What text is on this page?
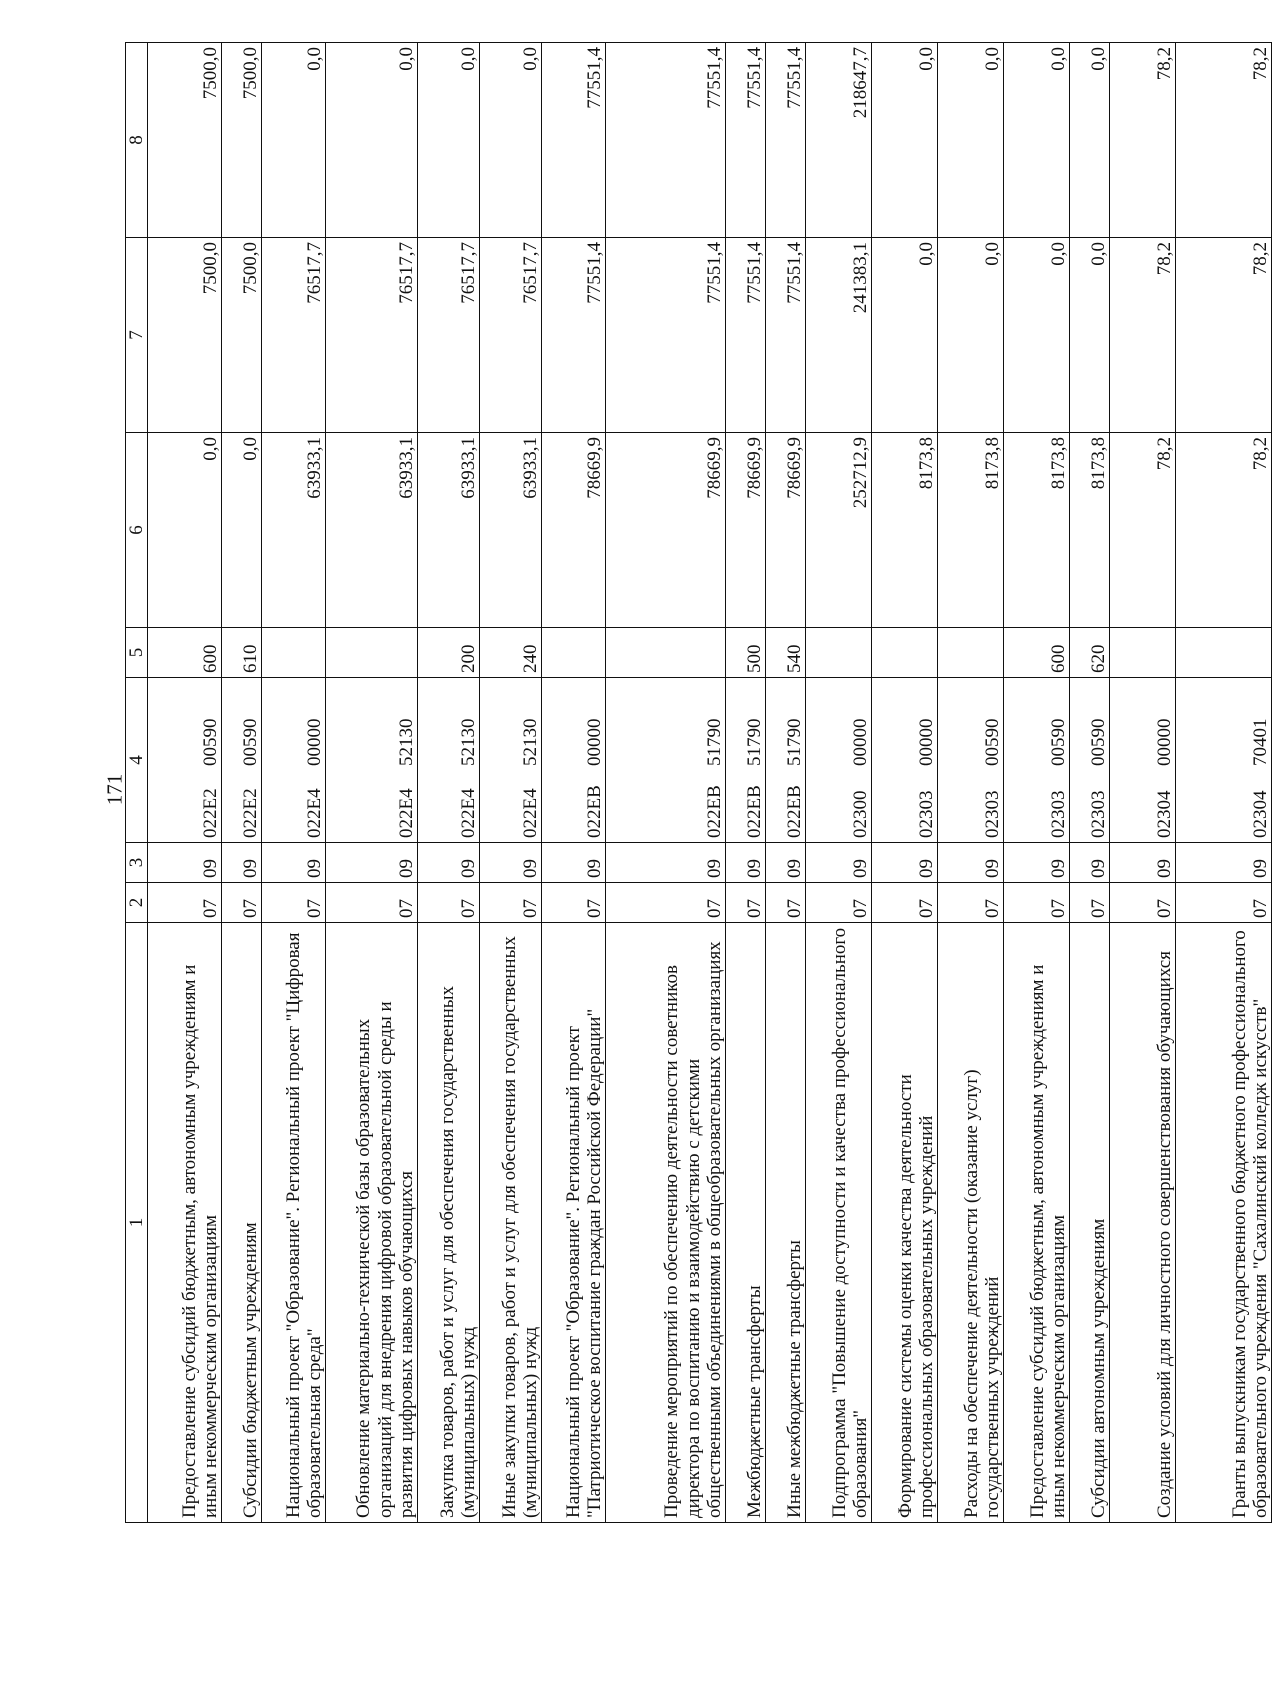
171
1	2	3	4	5	6	7	8
Предоставление субсидий бюджетным, автономным учреждениям и иным некоммерческим организациям	07	09	022Е200590	600	0,0	7500,0	7500,0
Субсидии бюджетным учреждениям	07	09	022Е200590	610	0,0	7500,0	7500,0
Национальный проект "Образование". Региональный проект "Цифровая образовательная среда"	07	09	022Е400000		63933,1	76517,7	0,0
Обновление материально-технической базы образовательных организаций для внедрения цифровой образовательной среды и развития цифровых навыков обучающихся	07	09	022Е452130		63933,1	76517,7	0,0
Закупка товаров, работ и услуг для обеспечения государственных (муниципальных) нужд	07	09	022Е452130	200	63933,1	76517,7	0,0
Иные закупки товаров, работ и услуг для обеспечения государственных (муниципальных) нужд	07	09	022Е452130	240	63933,1	76517,7	0,0
Национальный проект "Образование". Региональный проект "Патриотическое воспитание граждан Российской Федерации"	07	09	022ЕВ00000		78669,9	77551,4	77551,4
Проведение мероприятий по обеспечению деятельности советников директора по воспитанию и взаимодействию с детскими общественными объединениями в общеобразовательных организациях	07	09	022ЕВ51790		78669,9	77551,4	77551,4
Межбюджетные трансферты	07	09	022ЕВ51790	500	78669,9	77551,4	77551,4
Иные межбюджетные трансферты	07	09	022ЕВ51790	540	78669,9	77551,4	77551,4
Подпрограмма "Повышение доступности и качества профессионального образования"	07	09	0230000000		252712,9	241383,1	218647,7
Формирование системы оценки качества деятельности профессиональных образовательных учреждений	07	09	0230300000		8173,8	0,0	0,0
Расходы на обеспечение деятельности (оказание услуг) государственных учреждений	07	09	0230300590		8173,8	0,0	0,0
Предоставление субсидий бюджетным, автономным учреждениям и иным некоммерческим организациям	07	09	0230300590	600	8173,8	0,0	0,0
Субсидии автономным учреждениям	07	09	0230300590	620	8173,8	0,0	0,0
Создание условий для личностного совершенствования обучающихся	07	09	0230400000		78,2	78,2	78,2
Гранты выпускникам государственного бюджетного профессионального образовательного учреждения "Сахалинский колледж искусств"	07	09	0230470401		78,2	78,2	78,2
